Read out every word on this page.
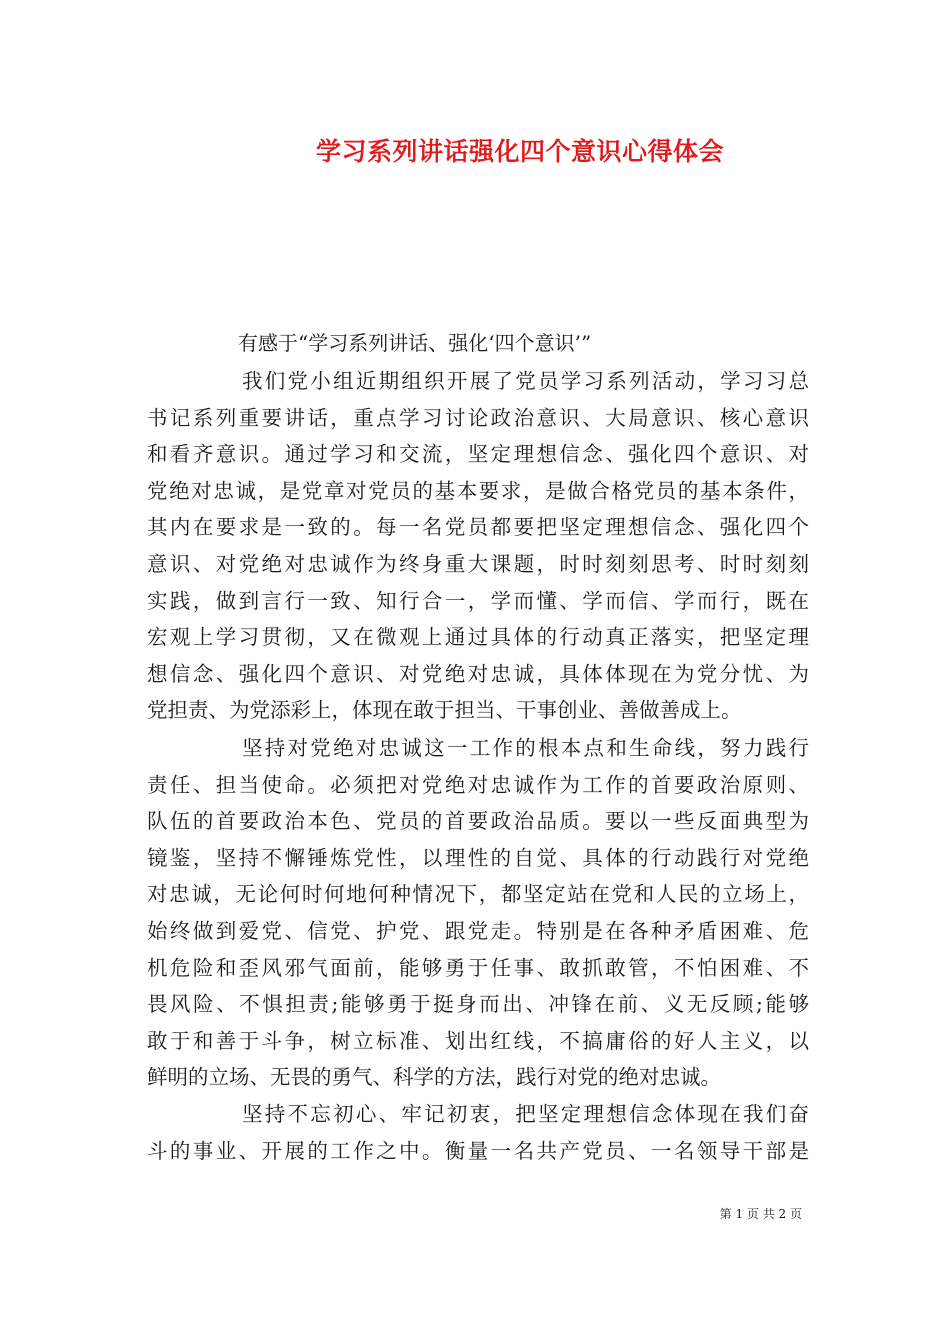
学习系列讲话强化四个意识心得体会
有感于“学习系列讲话、强化‘四个意识’”
我们党小组近期组织开展了党员学习系列活动，学习习总
书记系列重要讲话，重点学习讨论政治意识、大局意识、核心意识
和看齐意识。通过学习和交流，坚定理想信念、强化四个意识、对
党绝对忠诚，是党章对党员的基本要求，是做合格党员的基本条件，
其内在要求是一致的。每一名党员都要把坚定理想信念、强化四个
意识、对党绝对忠诚作为终身重大课题，时时刻刻思考、时时刻刻
实践，做到言行一致、知行合一，学而懂、学而信、学而行，既在
宏观上学习贯彻，又在微观上通过具体的行动真正落实，把坚定理
想信念、强化四个意识、对党绝对忠诚，具体体现在为党分忧、为
党担责、为党添彩上，体现在敢于担当、干事创业、善做善成上。
坚持对党绝对忠诚这一工作的根本点和生命线，努力践行
责任、担当使命。必须把对党绝对忠诚作为工作的首要政治原则、
队伍的首要政治本色、党员的首要政治品质。要以一些反面典型为
镜鉴，坚持不懈锤炼党性，以理性的自觉、具体的行动践行对党绝
对忠诚，无论何时何地何种情况下，都坚定站在党和人民的立场上，
始终做到爱党、信党、护党、跟党走。特别是在各种矛盾困难、危
机危险和歪风邪气面前，能够勇于任事、敢抓敢管，不怕困难、不
畏风险、不惧担责;能够勇于挺身而出、冲锋在前、义无反顾;能够
敢于和善于斗争，树立标准、划出红线，不搞庸俗的好人主义，以
鲜明的立场、无畏的勇气、科学的方法，践行对党的绝对忠诚。
坚持不忘初心、牢记初衷，把坚定理想信念体现在我们奋
斗的事业、开展的工作之中。衡量一名共产党员、一名领导干部是
第 1 页 共 2 页
